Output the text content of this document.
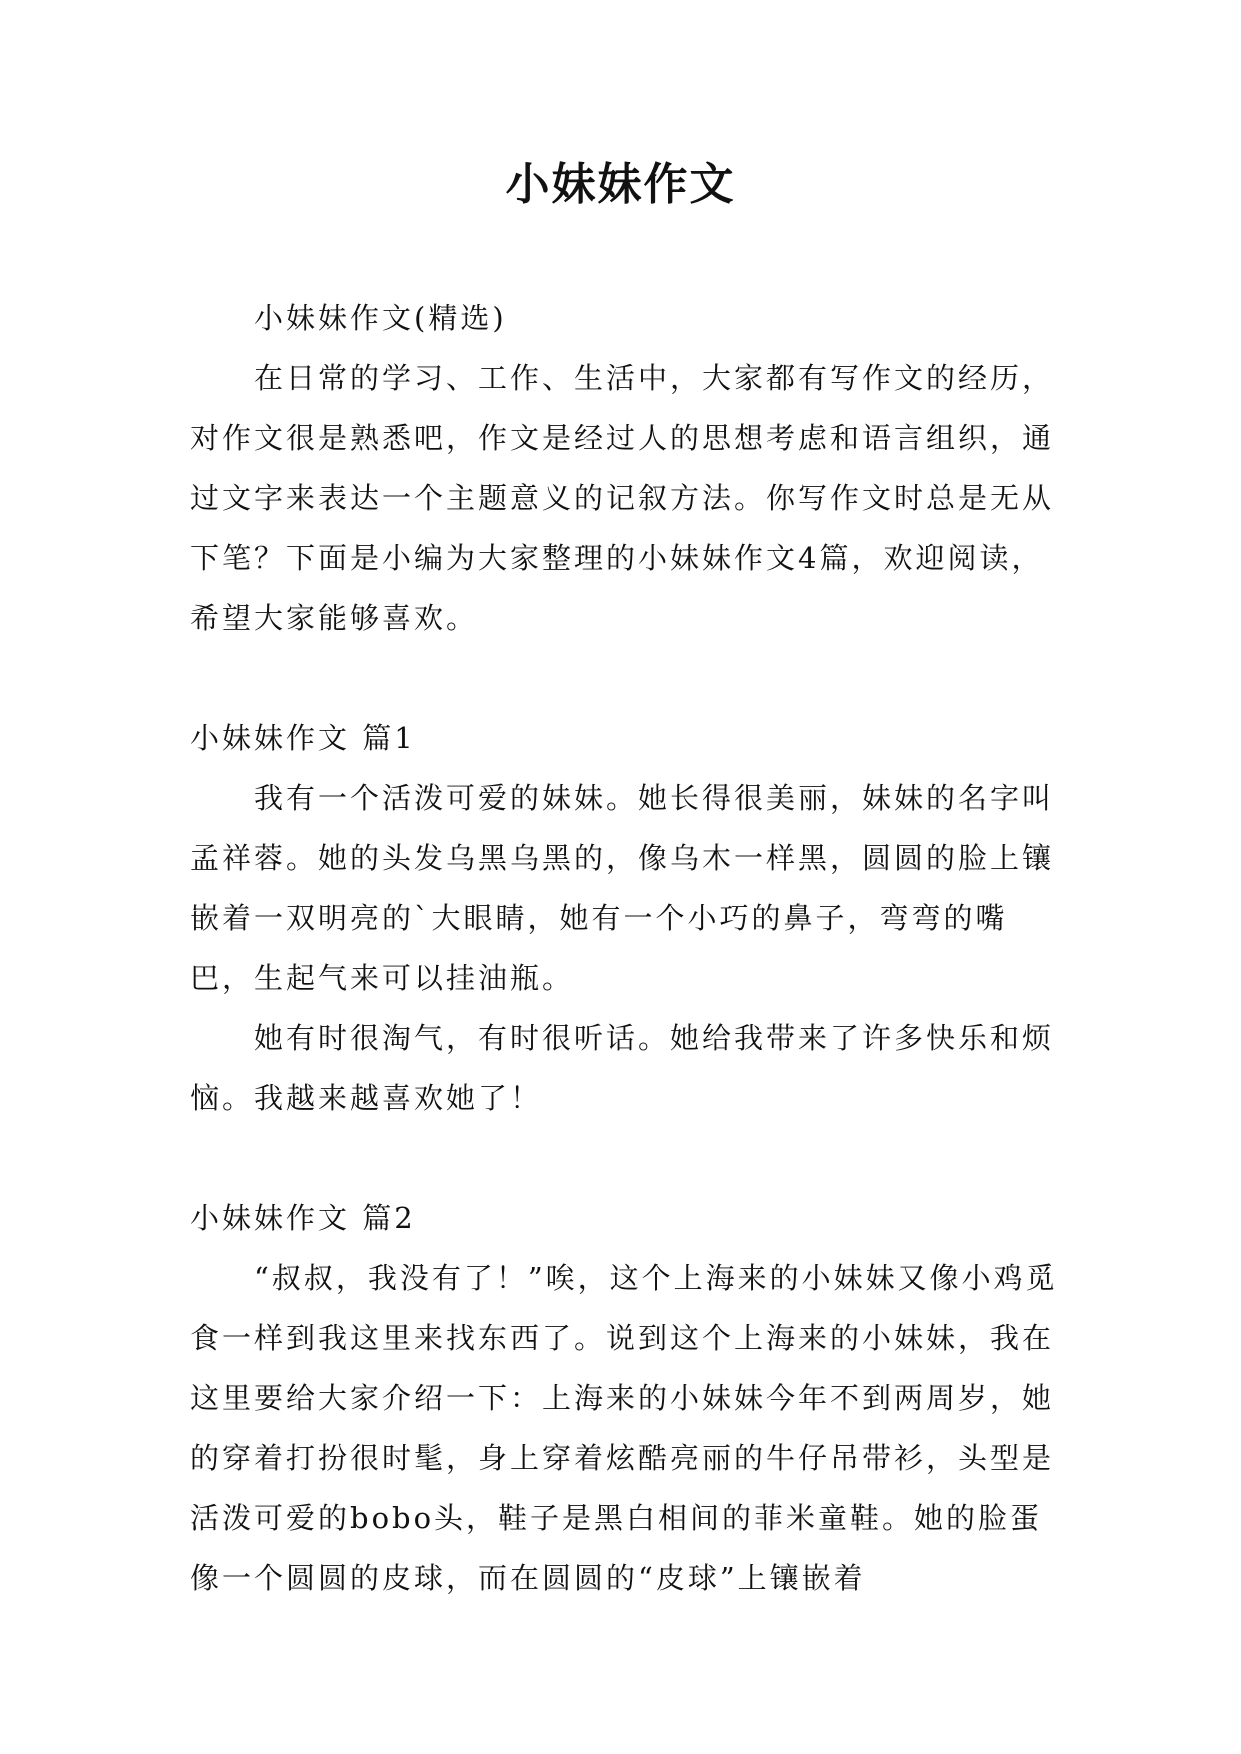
小妹妹作文

小妹妹作文(精选)

在日常的学习、工作、生活中，大家都有写作文的经历，对作文很是熟悉吧，作文是经过人的思想考虑和语言组织，通过文字来表达一个主题意义的记叙方法。你写作文时总是无从下笔？下面是小编为大家整理的小妹妹作文4篇，欢迎阅读，希望大家能够喜欢。

小妹妹作文 篇1

我有一个活泼可爱的妹妹。她长得很美丽，妹妹的名字叫孟祥蓉。她的头发乌黑乌黑的，像乌木一样黑，圆圆的脸上镶嵌着一双明亮的`大眼睛，她有一个小巧的鼻子，弯弯的嘴巴，生起气来可以挂油瓶。

她有时很淘气，有时很听话。她给我带来了许多快乐和烦恼。我越来越喜欢她了！

小妹妹作文 篇2

“叔叔，我没有了！”唉，这个上海来的小妹妹又像小鸡觅食一样到我这里来找东西了。说到这个上海来的小妹妹，我在这里要给大家介绍一下：上海来的小妹妹今年不到两周岁，她的穿着打扮很时髦，身上穿着炫酷亮丽的牛仔吊带衫，头型是活泼可爱的bobo头，鞋子是黑白相间的菲米童鞋。她的脸蛋像一个圆圆的皮球，而在圆圆的“皮球”上镶嵌着
